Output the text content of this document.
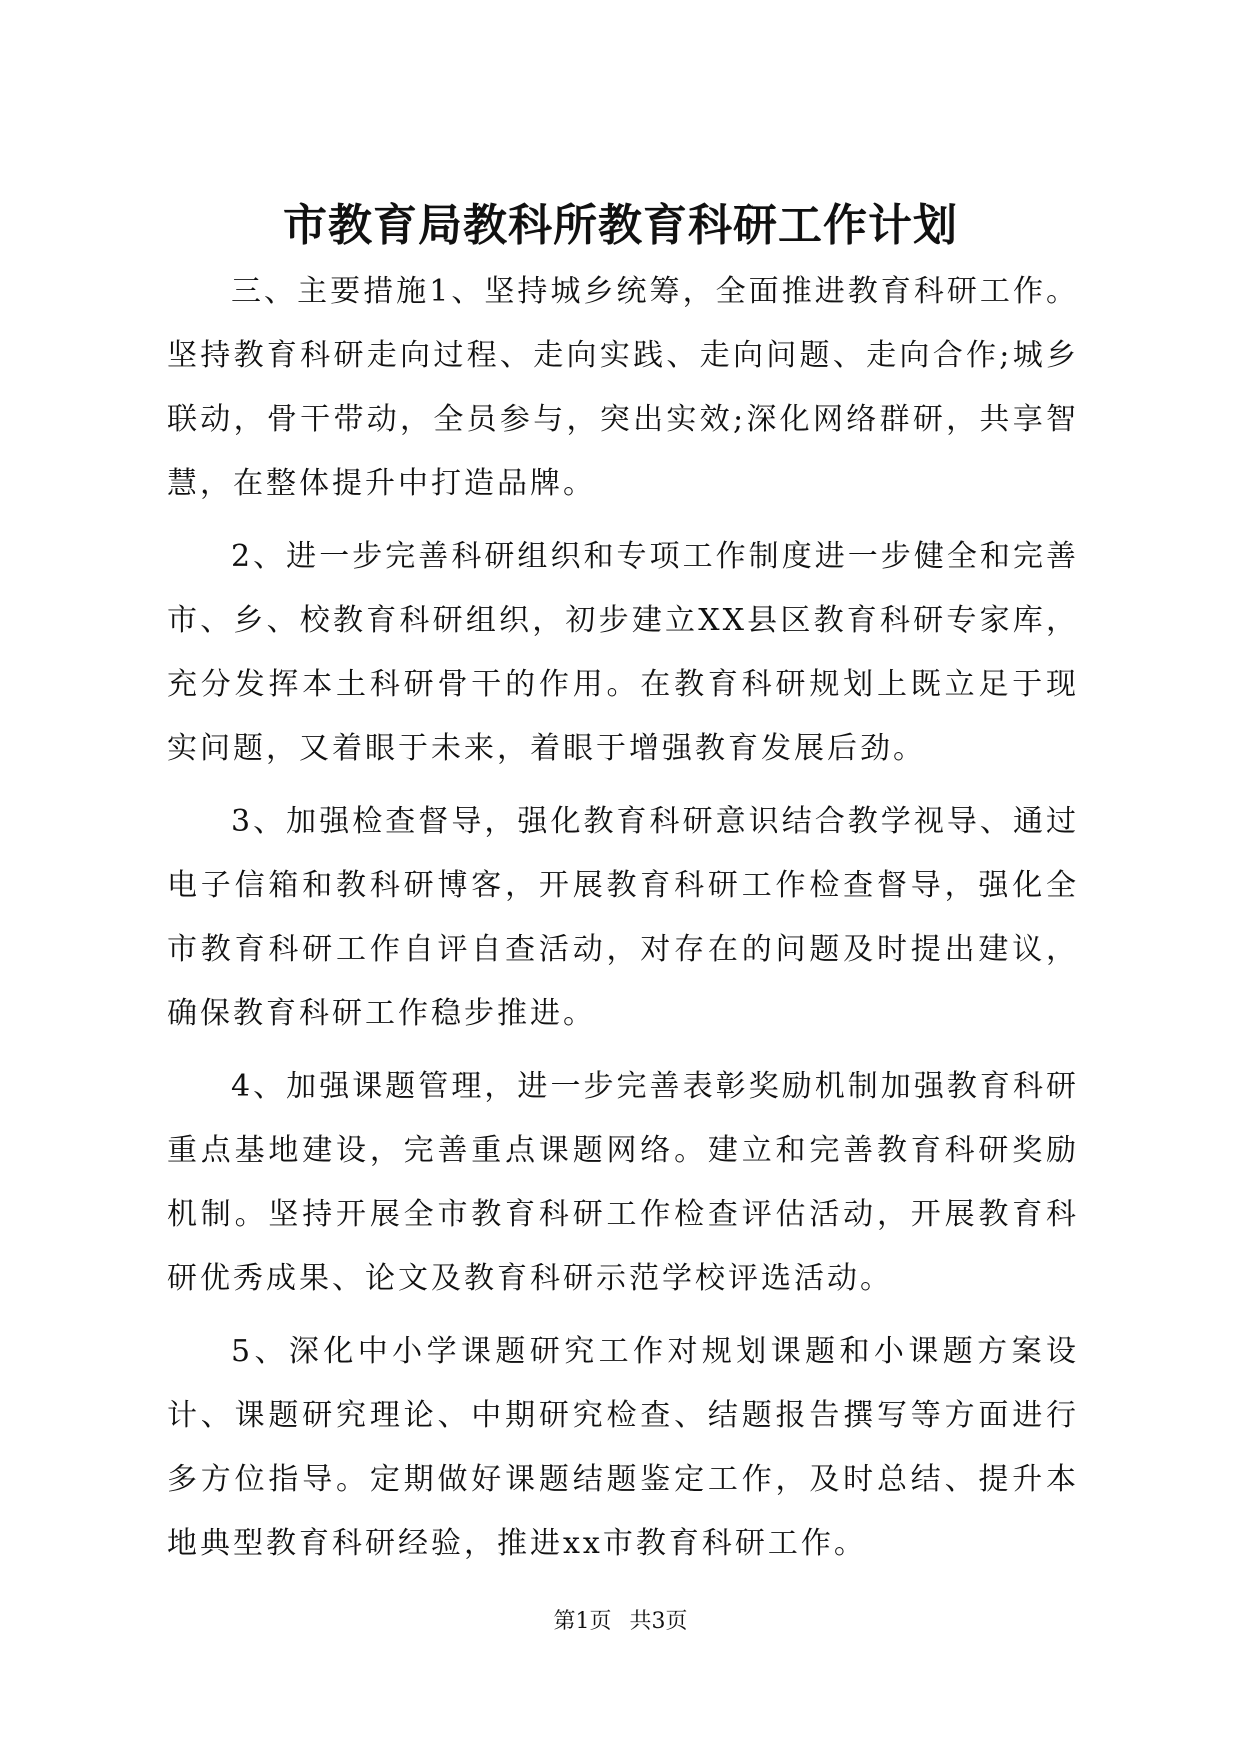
市教育局教科所教育科研工作计划

三、主要措施1、坚持城乡统筹，全面推进教育科研工作。坚持教育科研走向过程、走向实践、走向问题、走向合作;城乡联动，骨干带动，全员参与，突出实效;深化网络群研，共享智慧，在整体提升中打造品牌。

2、进一步完善科研组织和专项工作制度进一步健全和完善市、乡、校教育科研组织，初步建立XX县区教育科研专家库，充分发挥本土科研骨干的作用。在教育科研规划上既立足于现实问题，又着眼于未来，着眼于增强教育发展后劲。

3、加强检查督导，强化教育科研意识结合教学视导、通过电子信箱和教科研博客，开展教育科研工作检查督导，强化全市教育科研工作自评自查活动，对存在的问题及时提出建议，确保教育科研工作稳步推进。

4、加强课题管理，进一步完善表彰奖励机制加强教育科研重点基地建设，完善重点课题网络。建立和完善教育科研奖励机制。坚持开展全市教育科研工作检查评估活动，开展教育科研优秀成果、论文及教育科研示范学校评选活动。

5、深化中小学课题研究工作对规划课题和小课题方案设计、课题研究理论、中期研究检查、结题报告撰写等方面进行多方位指导。定期做好课题结题鉴定工作，及时总结、提升本地典型教育科研经验，推进xx市教育科研工作。

第1页 共3页
